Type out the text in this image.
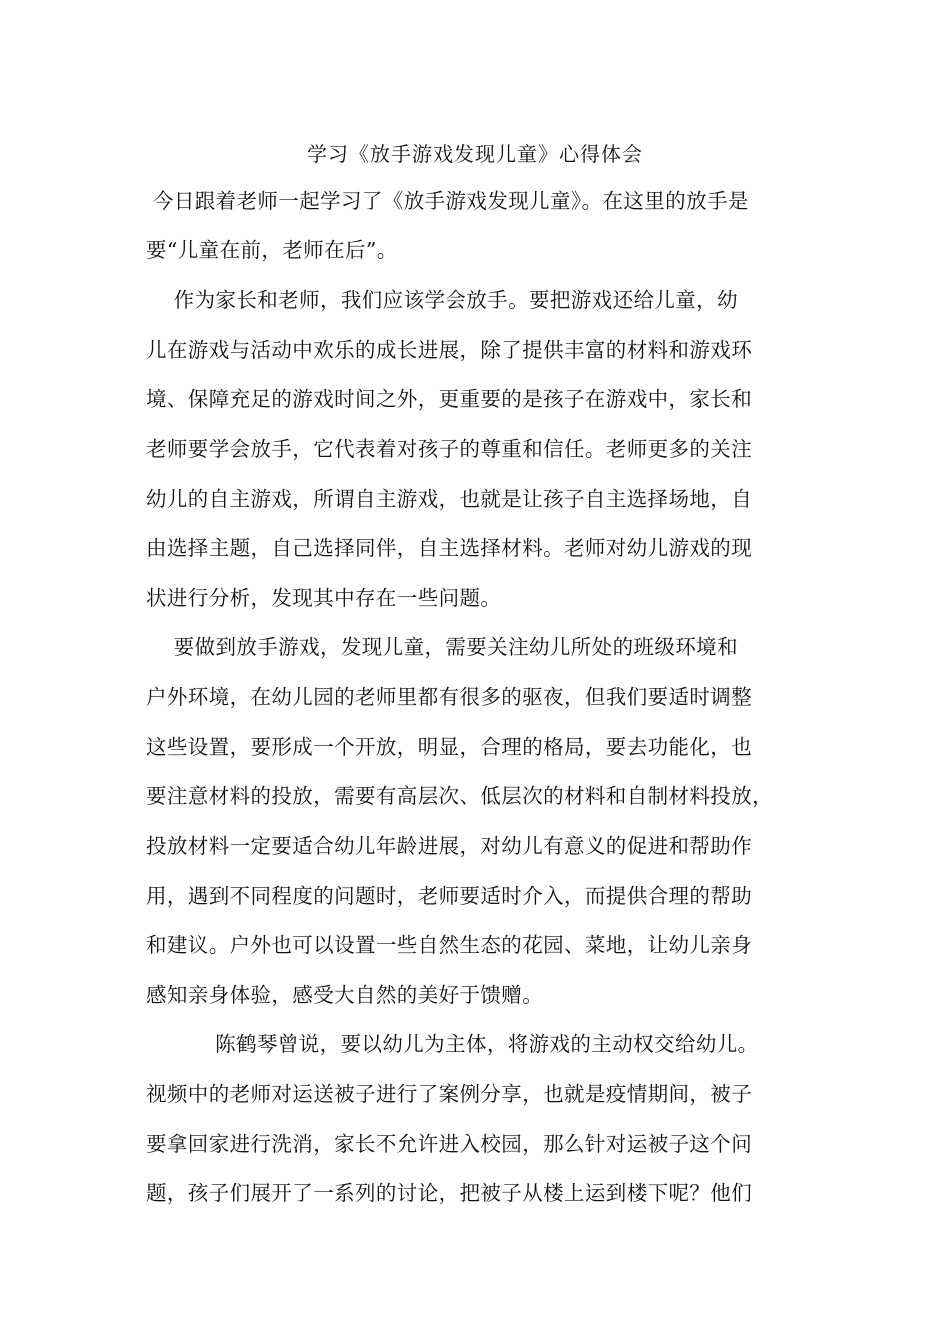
学习《放手游戏发现儿童》心得体会
今日跟着老师一起学习了《放手游戏发现儿童》。在这里的放手是
要“儿童在前，老师在后”。
作为家长和老师，我们应该学会放手。要把游戏还给儿童，幼
儿在游戏与活动中欢乐的成长进展，除了提供丰富的材料和游戏环
境、保障充足的游戏时间之外，更重要的是孩子在游戏中，家长和
老师要学会放手，它代表着对孩子的尊重和信任。老师更多的关注
幼儿的自主游戏，所谓自主游戏，也就是让孩子自主选择场地，自
由选择主题，自己选择同伴，自主选择材料。老师对幼儿游戏的现
状进行分析，发现其中存在一些问题。
要做到放手游戏，发现儿童，需要关注幼儿所处的班级环境和
户外环境，在幼儿园的老师里都有很多的驱夜，但我们要适时调整
这些设置，要形成一个开放，明显，合理的格局，要去功能化，也
要注意材料的投放，需要有高层次、低层次的材料和自制材料投放，
投放材料一定要适合幼儿年龄进展，对幼儿有意义的促进和帮助作
用，遇到不同程度的问题时，老师要适时介入，而提供合理的帮助
和建议。户外也可以设置一些自然生态的花园、菜地，让幼儿亲身
感知亲身体验，感受大自然的美好于馈赠。
陈鹤琴曾说，要以幼儿为主体，将游戏的主动权交给幼儿。
视频中的老师对运送被子进行了案例分享，也就是疫情期间，被子
要拿回家进行洗消，家长不允许进入校园，那么针对运被子这个问
题，孩子们展开了一系列的讨论，把被子从楼上运到楼下呢？他们
